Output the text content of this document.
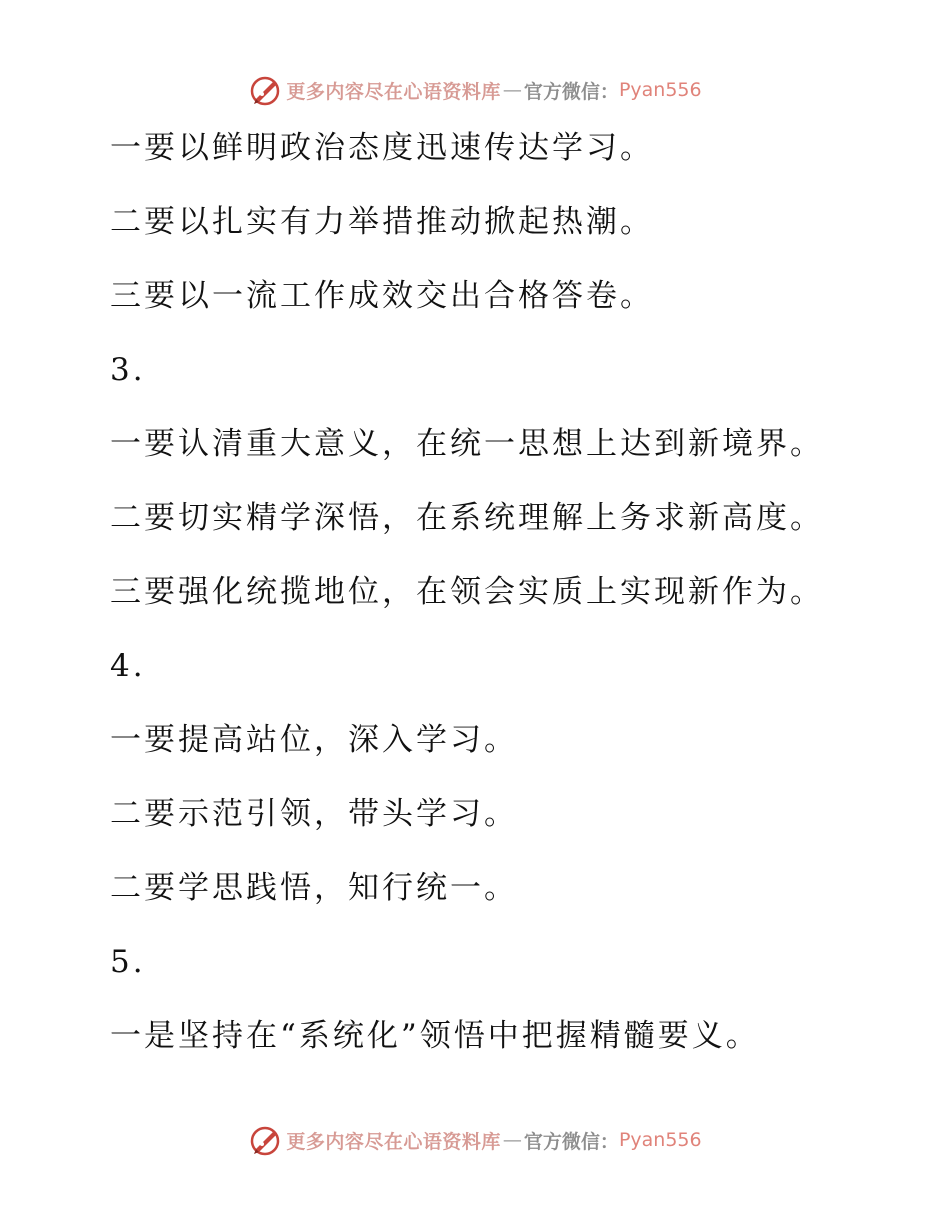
更多内容尽在心语资料库 — 官方微信： Pyan556
一要以鲜明政治态度迅速传达学习。
二要以扎实有力举措推动掀起热潮。
三要以一流工作成效交出合格答卷。
3.
一要认清重大意义，在统一思想上达到新境界。
二要切实精学深悟，在系统理解上务求新高度。
三要强化统揽地位，在领会实质上实现新作为。
4.
一要提高站位，深入学习。
二要示范引领，带头学习。
二要学思践悟，知行统一。
5.
一是坚持在“系统化”领悟中把握精髓要义。
更多内容尽在心语资料库 — 官方微信： Pyan556
